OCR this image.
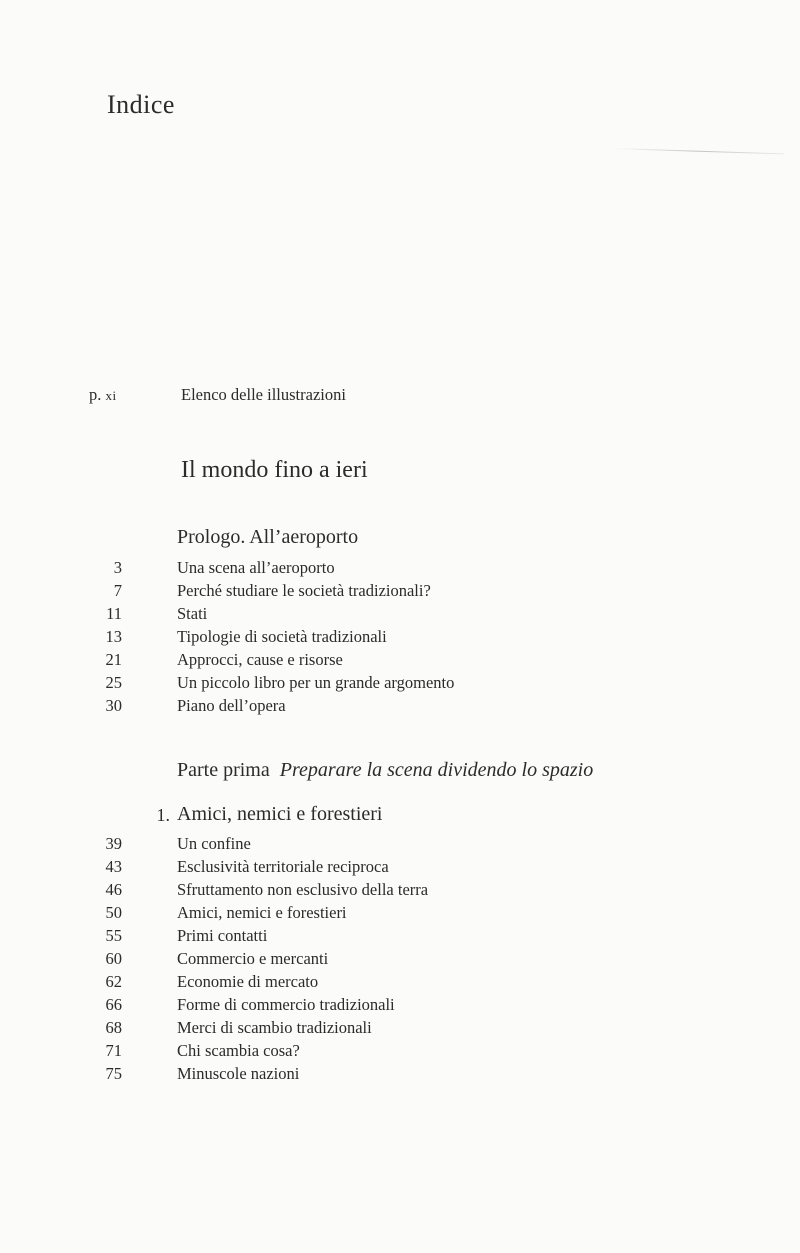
Indice
p. xi	Elenco delle illustrazioni
Il mondo fino a ieri
Prologo. All’aeroporto
3	Una scena all’aeroporto
7	Perché studiare le società tradizionali?
11	Stati
13	Tipologie di società tradizionali
21	Approcci, cause e risorse
25	Un piccolo libro per un grande argomento
30	Piano dell’opera
Parte prima Preparare la scena dividendo lo spazio
1. Amici, nemici e forestieri
39	Un confine
43	Esclusività territoriale reciproca
46	Sfruttamento non esclusivo della terra
50	Amici, nemici e forestieri
55	Primi contatti
60	Commercio e mercanti
62	Economie di mercato
66	Forme di commercio tradizionali
68	Merci di scambio tradizionali
71	Chi scambia cosa?
75	Minuscole nazioni
